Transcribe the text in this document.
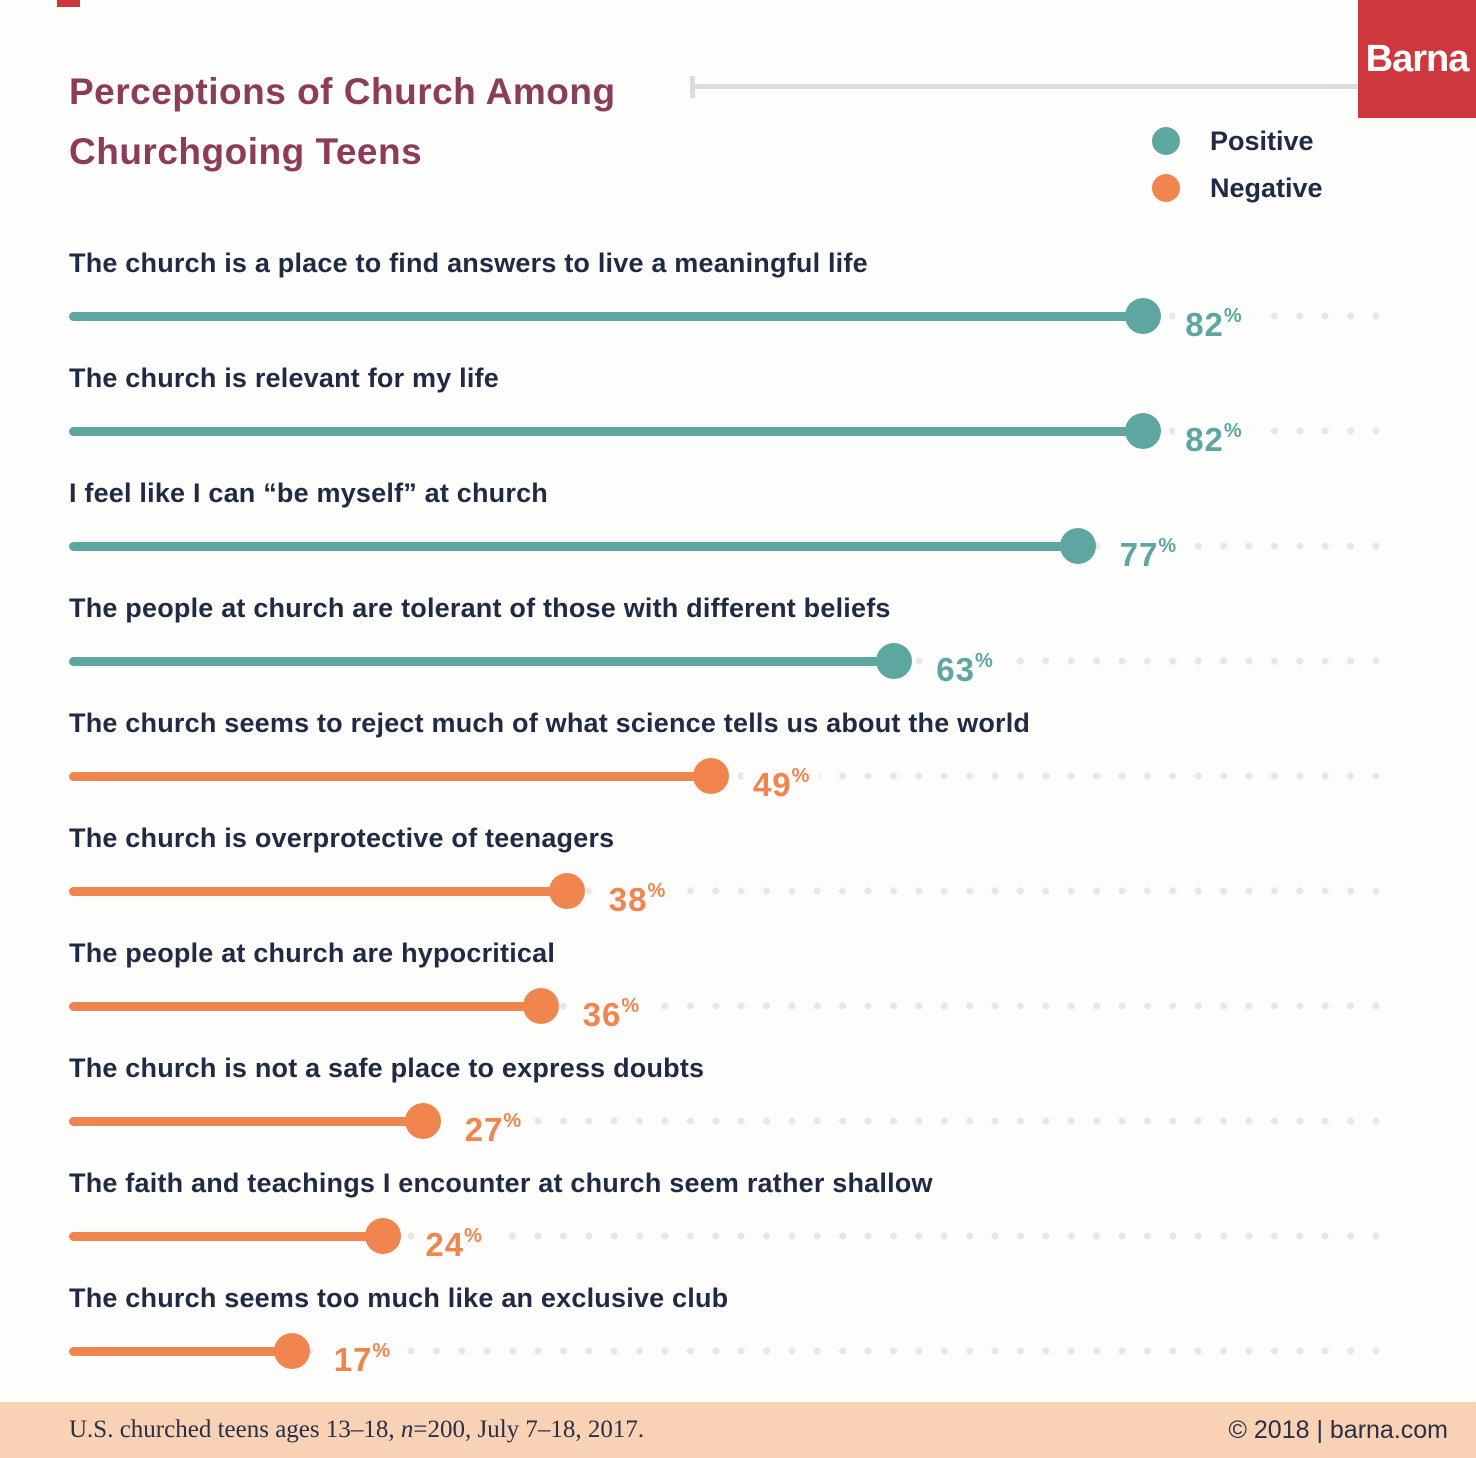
Barna
Perceptions of Church Among
Churchgoing Teens	Positive
Negative
The church is a place to find answers to live a meaningful life
82%
The church is relevant for my life
82%
I feel like I can “be myself” at church
77%
The people at church are tolerant of those with different beliefs
63%
The church seems to reject much of what science tells us about the world
49%
The church is overprotective of teenagers
38%
The people at church are hypocritical
36%
The church is not a safe place to express doubts
27%
The faith and teachings I encounter at church seem rather shallow
24%
The church seems too much like an exclusive club
17%
U.S. churched teens ages 13–18, n=200, July 7–18, 2017.	© 2018 | barna.com
